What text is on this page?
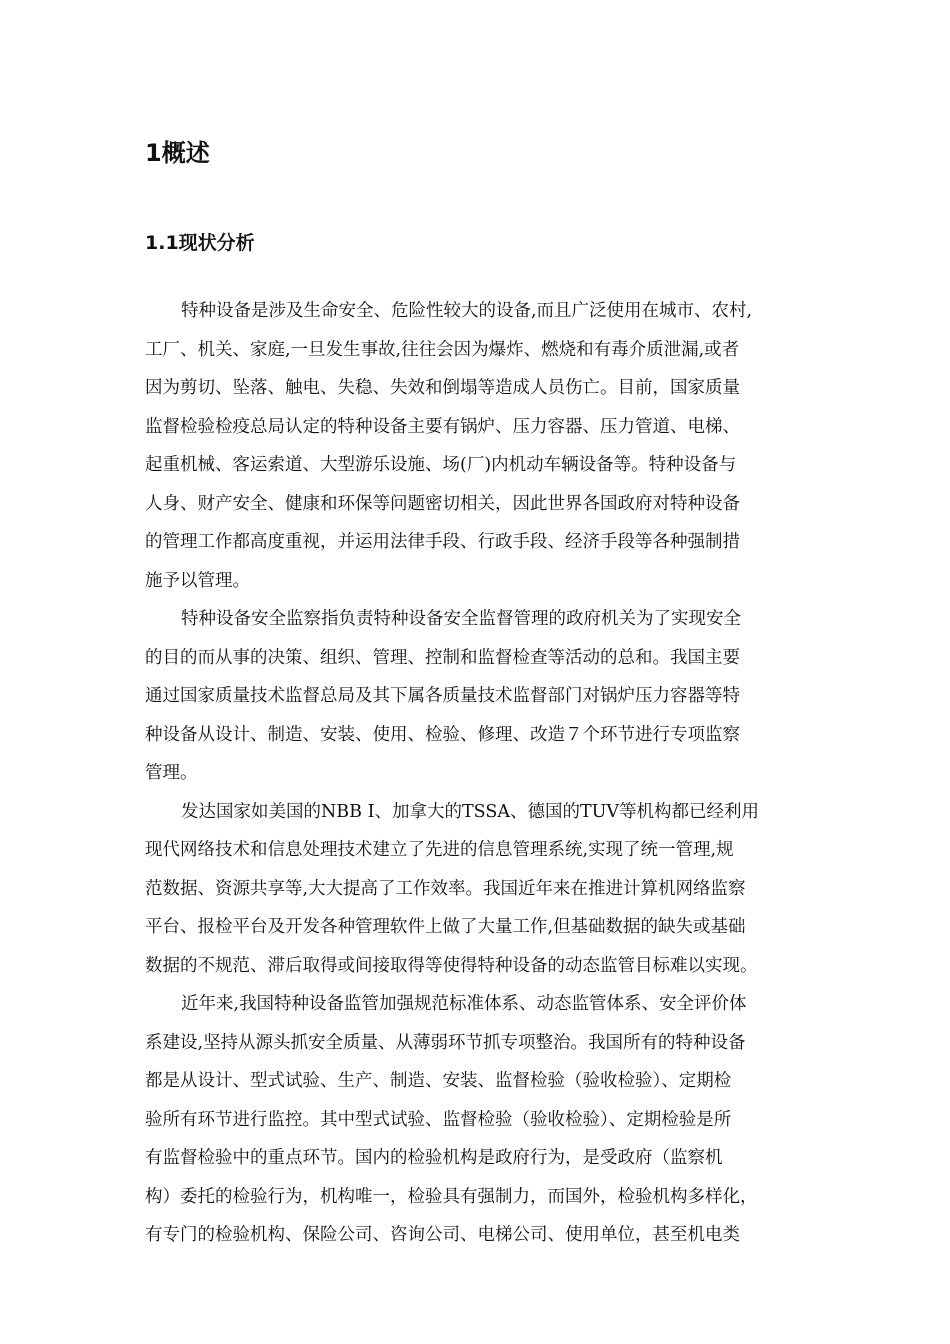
1概述
1.1现状分析
特种设备是涉及生命安全、危险性较大的设备,而且广泛使用在城市、农村,
工厂、机关、家庭,一旦发生事故,往往会因为爆炸、燃烧和有毒介质泄漏,或者
因为剪切、坠落、触电、失稳、失效和倒塌等造成人员伤亡。目前，国家质量
监督检验检疫总局认定的特种设备主要有锅炉、压力容器、压力管道、电梯、
起重机械、客运索道、大型游乐设施、场(厂)内机动车辆设备等。特种设备与
人身、财产安全、健康和环保等问题密切相关，因此世界各国政府对特种设备
的管理工作都高度重视，并运用法律手段、行政手段、经济手段等各种强制措
施予以管理。
特种设备安全监察指负责特种设备安全监督管理的政府机关为了实现安全
的目的而从事的决策、组织、管理、控制和监督检查等活动的总和。我国主要
通过国家质量技术监督总局及其下属各质量技术监督部门对锅炉压力容器等特
种设备从设计、制造、安装、使用、检验、修理、改造７个环节进行专项监察
管理。
发达国家如美国的NBB I、加拿大的TSSA、德国的TUV等机构都已经利用
现代网络技术和信息处理技术建立了先进的信息管理系统,实现了统一管理,规
范数据、资源共享等,大大提高了工作效率。我国近年来在推进计算机网络监察
平台、报检平台及开发各种管理软件上做了大量工作,但基础数据的缺失或基础
数据的不规范、滞后取得或间接取得等使得特种设备的动态监管目标难以实现。
近年来,我国特种设备监管加强规范标准体系、动态监管体系、安全评价体
系建设,坚持从源头抓安全质量、从薄弱环节抓专项整治。我国所有的特种设备
都是从设计、型式试验、生产、制造、安装、监督检验（验收检验）、定期检
验所有环节进行监控。其中型式试验、监督检验（验收检验）、定期检验是所
有监督检验中的重点环节。国内的检验机构是政府行为，是受政府（监察机
构）委托的检验行为，机构唯一，检验具有强制力，而国外，检验机构多样化，
有专门的检验机构、保险公司、咨询公司、电梯公司、使用单位，甚至机电类
